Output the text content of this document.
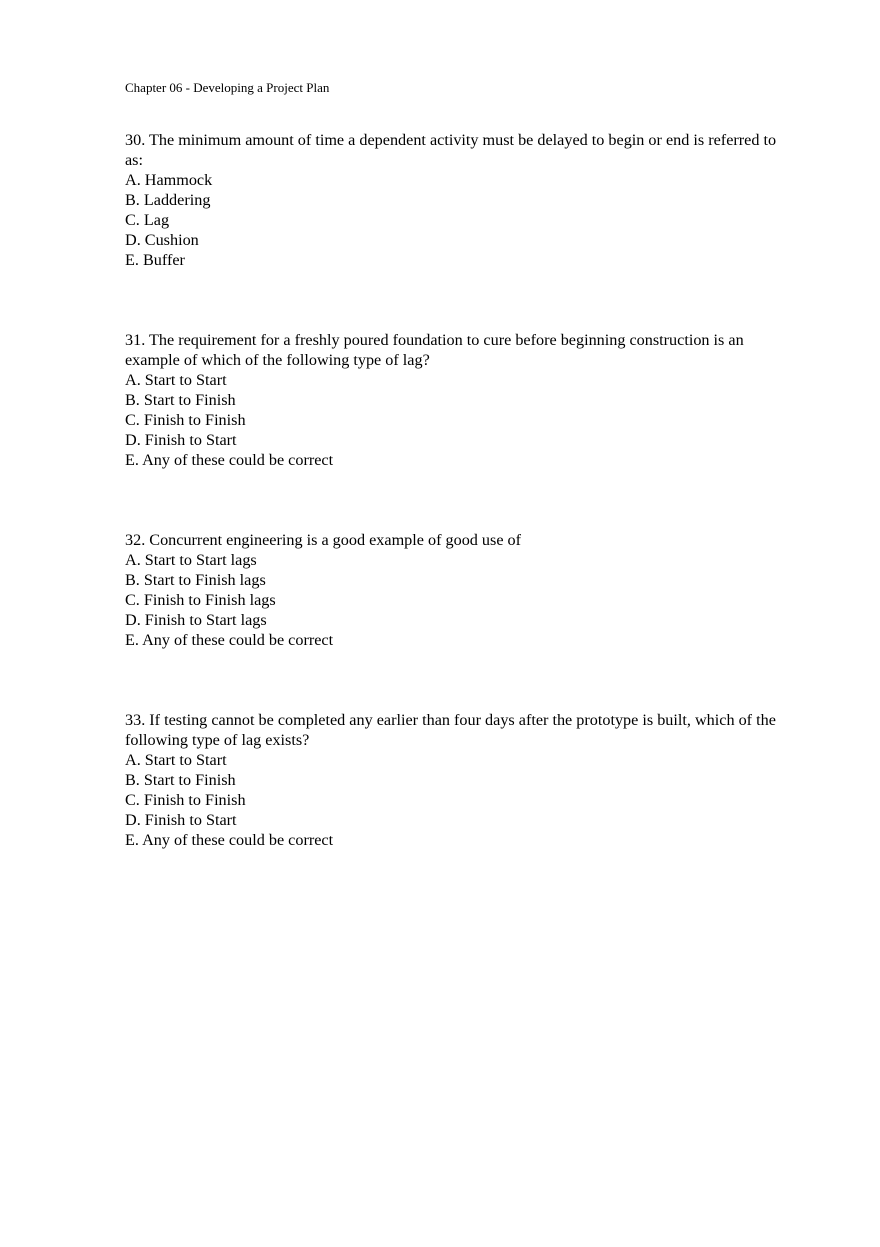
Chapter 06 - Developing a Project Plan

30. The minimum amount of time a dependent activity must be delayed to begin or end is referred to as:

A. Hammock

B. Laddering

C. Lag

D. Cushion

E. Buffer

31. The requirement for a freshly poured foundation to cure before beginning construction is an example of which of the following type of lag?

A. Start to Start

B. Start to Finish

C. Finish to Finish

D. Finish to Start

E. Any of these could be correct

32. Concurrent engineering is a good example of good use of

A. Start to Start lags

B. Start to Finish lags

C. Finish to Finish lags

D. Finish to Start lags

E. Any of these could be correct

33. If testing cannot be completed any earlier than four days after the prototype is built, which of the following type of lag exists?

A. Start to Start

B. Start to Finish

C. Finish to Finish

D. Finish to Start

E. Any of these could be correct
